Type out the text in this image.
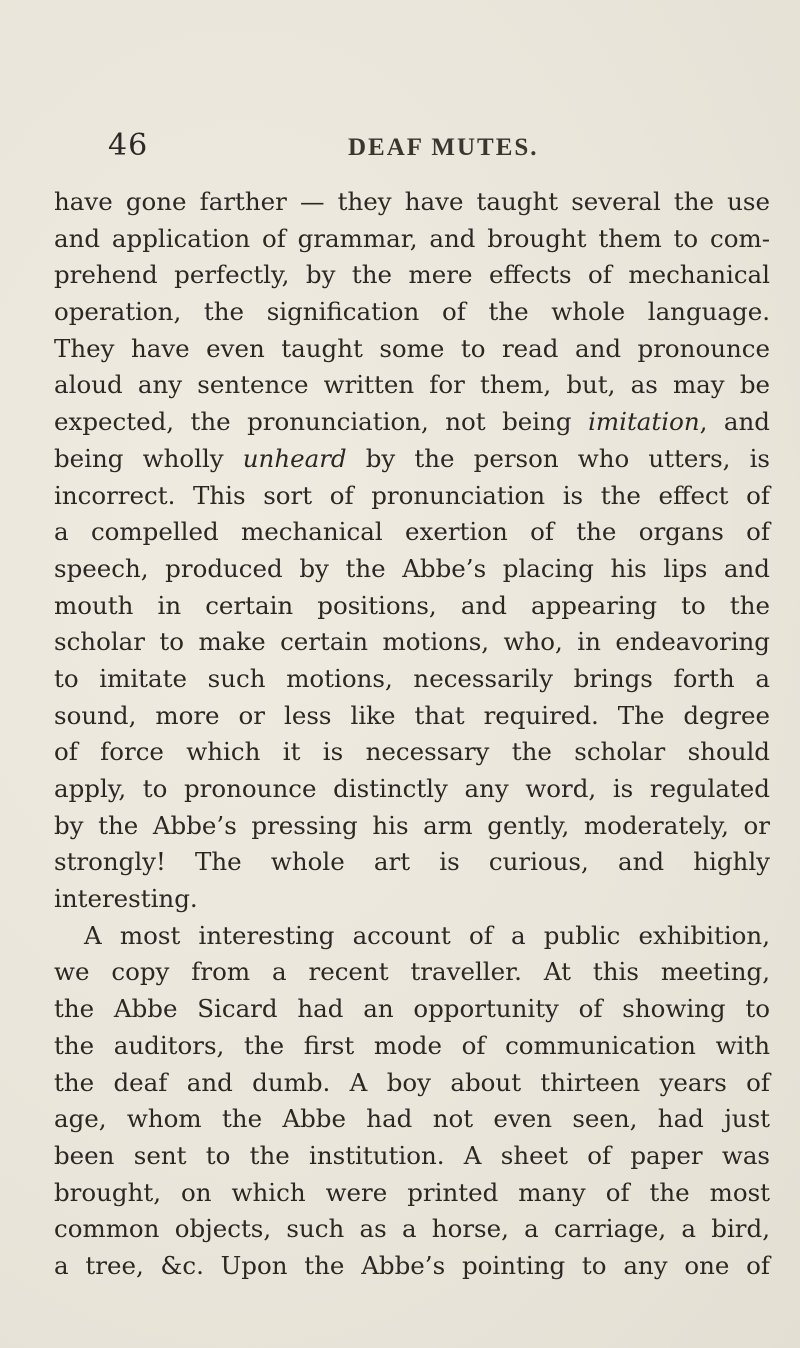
46	DEAF MUTES.
have gone farther — they have taught several the use
and application of grammar, and brought them to com-
prehend perfectly, by the mere effects of mechanical
operation, the signification of the whole language.
They have even taught some to read and pronounce
aloud any sentence written for them, but, as may be
expected, the pronunciation, not being imitation, and
being wholly unheard by the person who utters, is
incorrect. This sort of pronunciation is the effect of
a compelled mechanical exertion of the organs of
speech, produced by the Abbe’s placing his lips and
mouth in certain positions, and appearing to the
scholar to make certain motions, who, in endeavoring
to imitate such motions, necessarily brings forth a
sound, more or less like that required. The degree
of force which it is necessary the scholar should
apply, to pronounce distinctly any word, is regulated
by the Abbe’s pressing his arm gently, moderately, or
strongly! The whole art is curious, and highly
interesting.
A most interesting account of a public exhibition,
we copy from a recent traveller. At this meeting,
the Abbe Sicard had an opportunity of showing to
the auditors, the first mode of communication with
the deaf and dumb. A boy about thirteen years of
age, whom the Abbe had not even seen, had just
been sent to the institution. A sheet of paper was
brought, on which were printed many of the most
common objects, such as a horse, a carriage, a bird,
a tree, &c. Upon the Abbe’s pointing to any one of
